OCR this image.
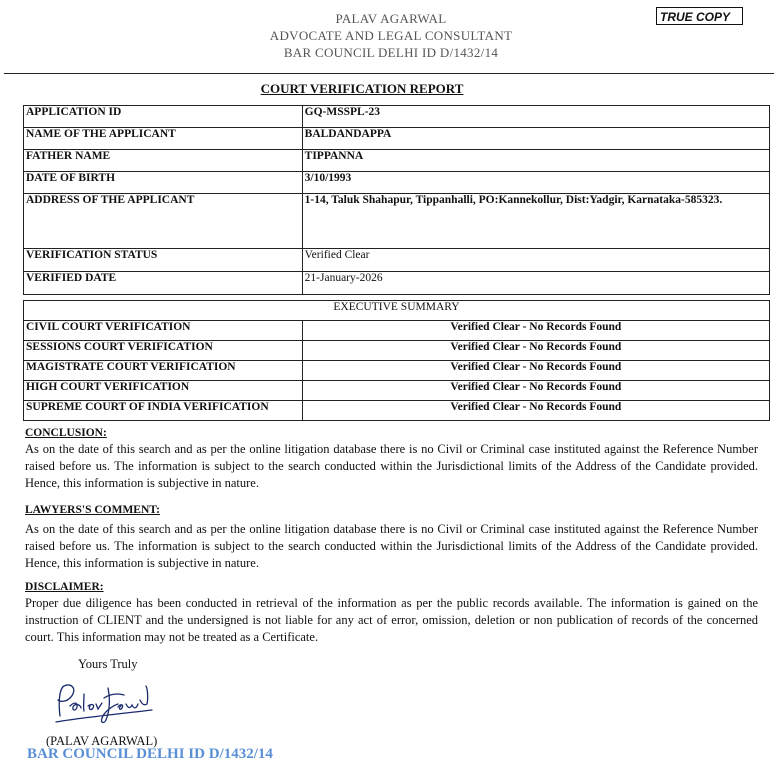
PALAV AGARWAL
ADVOCATE AND LEGAL CONSULTANT
BAR COUNCIL DELHI ID D/1432/14
TRUE COPY
COURT VERIFICATION REPORT
APPLICATION ID	GQ-MSSPL-23
NAME OF THE APPLICANT	BALDANDAPPA
FATHER NAME	TIPPANNA
DATE OF BIRTH	3/10/1993
ADDRESS OF THE APPLICANT	1-14, Taluk Shahapur, Tippanhalli, PO:Kannekollur, Dist:Yadgir, Karnataka-585323.
VERIFICATION STATUS	Verified Clear
VERIFIED DATE	21-January-2026
EXECUTIVE SUMMARY	
CIVIL COURT VERIFICATION	Verified Clear - No Records Found
SESSIONS COURT VERIFICATION	Verified Clear - No Records Found
MAGISTRATE COURT VERIFICATION	Verified Clear - No Records Found
HIGH COURT VERIFICATION	Verified Clear - No Records Found
SUPREME COURT OF INDIA VERIFICATION	Verified Clear - No Records Found
CONCLUSION:
As on the date of this search and as per the online litigation database there is no Civil or Criminal case instituted against the Reference Number raised before us. The information is subject to the search conducted within the Jurisdictional limits of the Address of the Candidate provided. Hence, this information is subjective in nature.
LAWYERS'S COMMENT:
As on the date of this search and as per the online litigation database there is no Civil or Criminal case instituted against the Reference Number raised before us. The information is subject to the search conducted within the Jurisdictional limits of the Address of the Candidate provided. Hence, this information is subjective in nature.
DISCLAIMER:
Proper due diligence has been conducted in retrieval of the information as per the public records available. The information is gained on the instruction of CLIENT and the undersigned is not liable for any act of error, omission, deletion or non publication of records of the concerned court. This information may not be treated as a Certificate.
Yours Truly
(PALAV AGARWAL)
BAR COUNCIL DELHI ID D/1432/14
